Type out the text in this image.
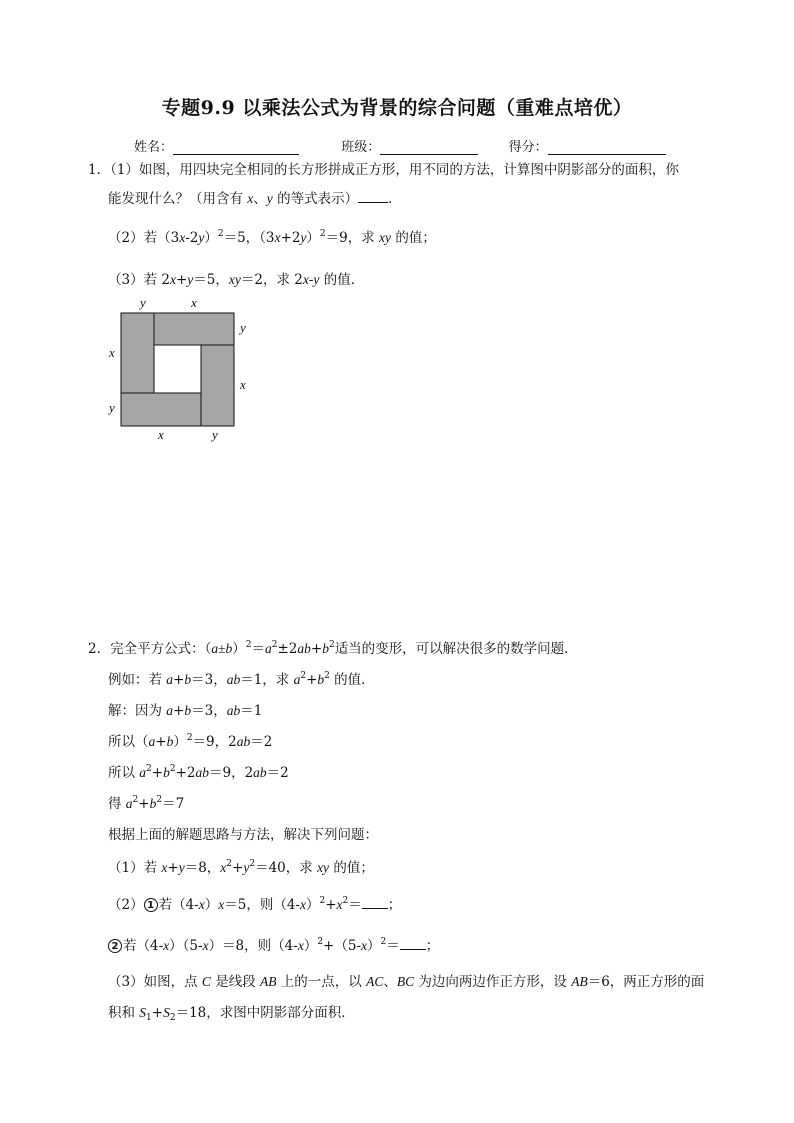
专题9.9 以乘法公式为背景的综合问题（重难点培优）
姓名：	班级：	得分：
1．（1）如图，用四块完全相同的长方形拼成正方形，用不同的方法，计算图中阴影部分的面积，你
能发现什么？（用含有 x、y 的等式表示） ．
（2）若$(3x-2y)^2=5$，$(3x+2y)^2=9$，求 xy 的值；
（3）若 2x+y＝5，xy＝2，求 2x-y 的值．
y	x
x
y
y
x
x	y
2．完全平方公式：$(a\pm b)^2=a^2\pm 2ab+b^2$适当的变形，可以解决很多的数学问题．
例如：若 a+b＝3，ab＝1，求 $a^2+b^2$ 的值．
解：因为 a+b＝3，ab＝1
所以$(a+b)^2=9$，2ab＝2
所以 $a^2+b^2+2ab=9$，2ab＝2
得 $a^2+b^2=7$
根据上面的解题思路与方法，解决下列问题：
（1）若 x+y＝8，$x^2+y^2=40$，求 xy 的值；
（2） 1 若（4-x）x＝5，则$(4-x)^2+x^2=$ ；
2 若（4-x）（5-x）＝8，则$(4-x)^2+(5-x)^2=$ ；
（3）如图，点 C 是线段 AB 上的一点，以 AC、BC 为边向两边作正方形，设 AB＝6，两正方形的面
积和 $S_1+S_2=18$，求图中阴影部分面积．
